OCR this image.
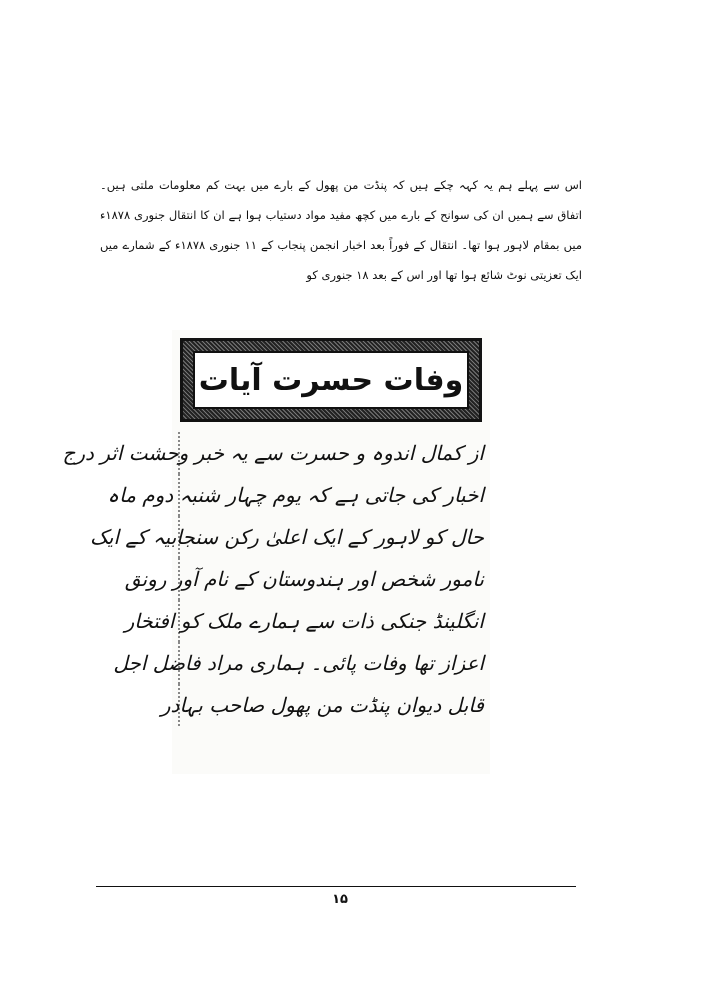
اس سے پہلے ہم یہ کہہ چکے ہیں کہ پنڈت من پھول کے بارے میں بہت کم معلومات ملتی ہیں۔ اتفاق سے ہمیں ان کی سوانح کے بارے میں کچھ مفید مواد دستیاب ہوا ہے ان کا انتقال جنوری ۱۸۷۸ء میں بمقام لاہور ہوا تھا۔ انتقال کے فوراً بعد اخبار انجمن پنجاب کے ۱۱ جنوری ۱۸۷۸ء کے شمارے میں ایک تعزیتی نوٹ شائع ہوا تھا اور اس کے بعد ۱۸ جنوری کو

وفات حسرت آیات
از کمال اندوہ و حسرت سے یہ خبر وحشت اثر درج
اخبار کی جاتی ہے کہ یوم چہار شنبہ دوم ماہ
حال کو لاہور کے ایک اعلیٰ رکن سنجابیہ کے ایک
نامور شخص اور ہندوستان کے نام آور رونق
انگلینڈ جنکی ذات سے ہمارے ملک کو افتخار
اعزاز تھا وفات پائی۔ ہماری مراد فاضل اجل
قابل دیوان پنڈت من پھول صاحب بہادر
۱۵
